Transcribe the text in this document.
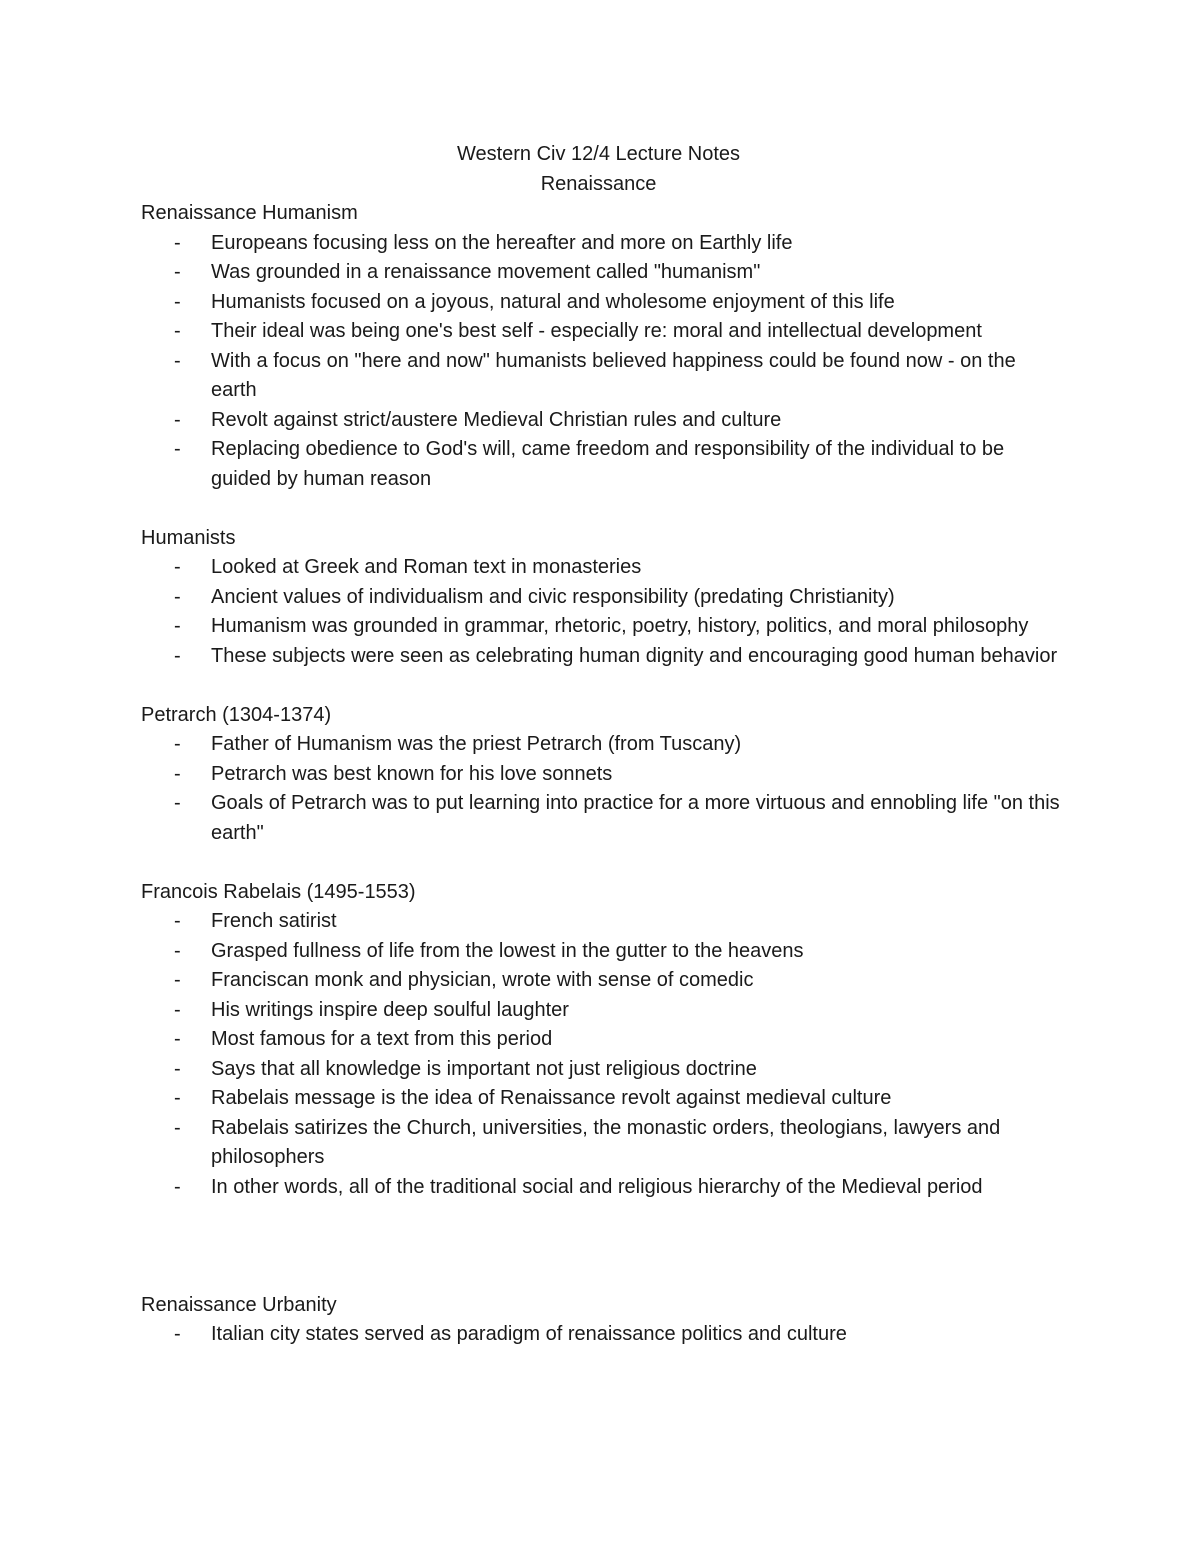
Western Civ 12/4 Lecture Notes
Renaissance
Renaissance Humanism
- Europeans focusing less on the hereafter and more on Earthly life
- Was grounded in a renaissance movement called "humanism"
- Humanists focused on a joyous, natural and wholesome enjoyment of this life
- Their ideal was being one's best self - especially re: moral and intellectual development
- With a focus on "here and now" humanists believed happiness could be found now - on the earth
- Revolt against strict/austere Medieval Christian rules and culture
- Replacing obedience to God's will, came freedom and responsibility of the individual to be guided by human reason
Humanists
- Looked at Greek and Roman text in monasteries
- Ancient values of individualism and civic responsibility (predating Christianity)
- Humanism was grounded in grammar, rhetoric, poetry, history, politics, and moral philosophy
- These subjects were seen as celebrating human dignity and encouraging good human behavior
Petrarch (1304-1374)
- Father of Humanism was the priest Petrarch (from Tuscany)
- Petrarch was best known for his love sonnets
- Goals of Petrarch was to put learning into practice for a more virtuous and ennobling life "on this earth"
Francois Rabelais (1495-1553)
- French satirist
- Grasped fullness of life from the lowest in the gutter to the heavens
- Franciscan monk and physician, wrote with sense of comedic
- His writings inspire deep soulful laughter
- Most famous for a text from this period
- Says that all knowledge is important not just religious doctrine
- Rabelais message is the idea of Renaissance revolt against medieval culture
- Rabelais satirizes the Church, universities, the monastic orders, theologians, lawyers and philosophers
- In other words, all of the traditional social and religious hierarchy of the Medieval period
Renaissance Urbanity
- Italian city states served as paradigm of renaissance politics and culture
